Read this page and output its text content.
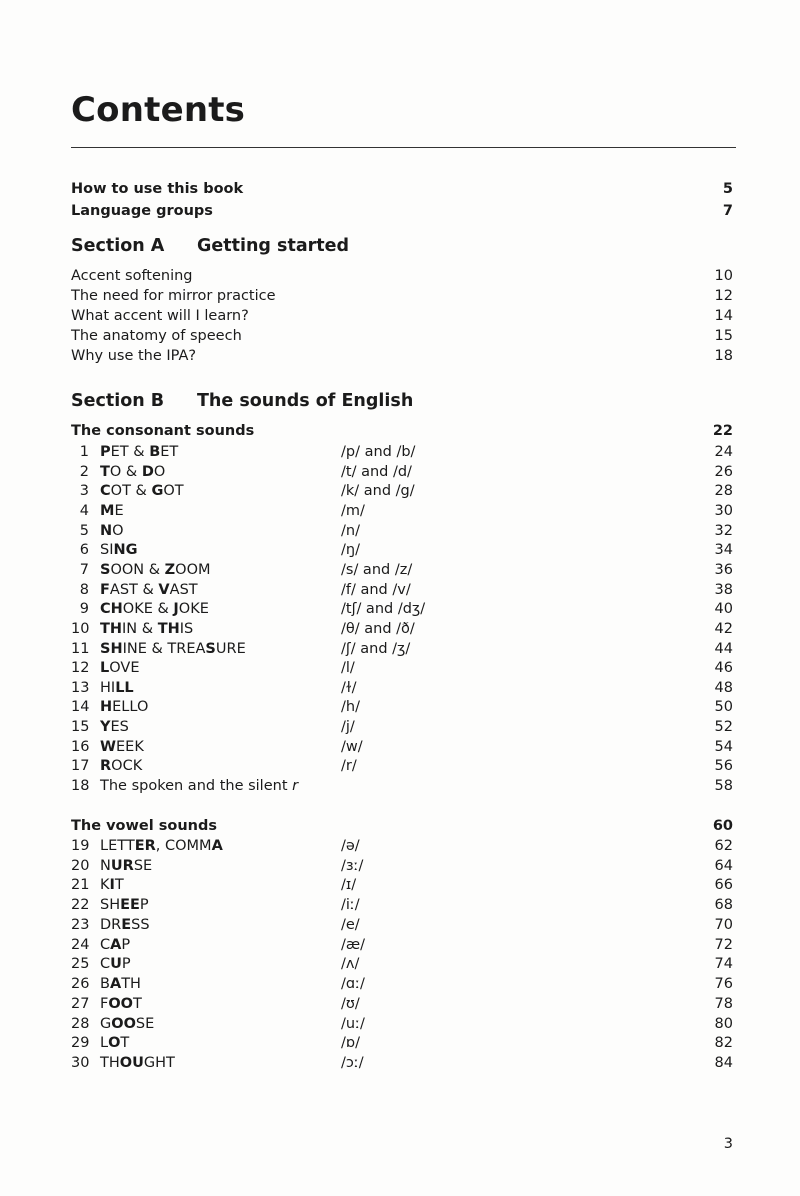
Contents
How to use this book	5
Language groups	7
Section A Getting started
Accent softening	10
The need for mirror practice	12
What accent will I learn?	14
The anatomy of speech	15
Why use the IPA?	18
Section B The sounds of English
The consonant sounds	22
1 PET & BET	/p/ and /b/	24
2 TO & DO	/t/ and /d/	26
3 COT & GOT	/k/ and /g/	28
4 ME	/m/	30
5 NO	/n/	32
6 SING	/ŋ/	34
7 SOON & ZOOM	/s/ and /z/	36
8 FAST & VAST	/f/ and /v/	38
9 CHOKE & JOKE	/tʃ/ and /dʒ/	40
10 THIN & THIS	/θ/ and /ð/	42
11 SHINE & TREASURE	/ʃ/ and /ʒ/	44
12 LOVE	/l/	46
13 HILL	/ɫ/	48
14 HELLO	/h/	50
15 YES	/j/	52
16 WEEK	/w/	54
17 ROCK	/r/	56
18 The spoken and the silent r	58
The vowel sounds	60
19 LETTER, COMMA	/ə/	62
20 NURSE	/ɜː/	64
21 KIT	/ɪ/	66
22 SHEEP	/iː/	68
23 DRESS	/e/	70
24 CAP	/æ/	72
25 CUP	/ʌ/	74
26 BATH	/ɑː/	76
27 FOOT	/ʊ/	78
28 GOOSE	/uː/	80
29 LOT	/ɒ/	82
30 THOUGHT	/ɔː/	84
3
